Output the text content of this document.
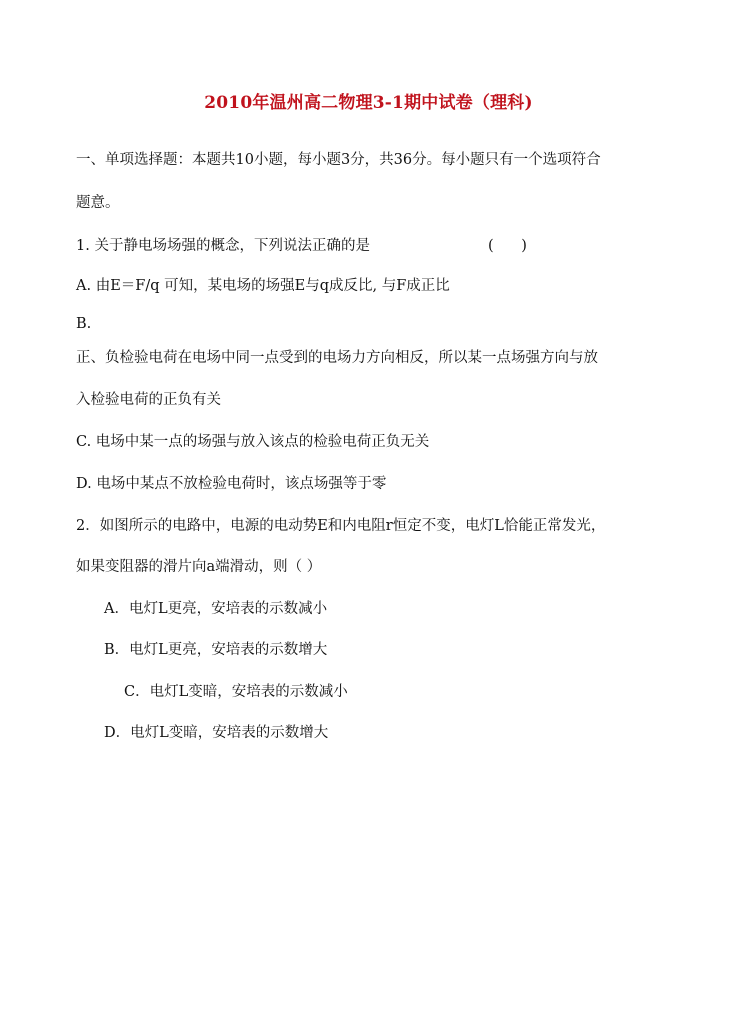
2010年温州高二物理3-1期中试卷（理科)
一、单项选择题：本题共10小题，每小题3分，共36分。每小题只有一个选项符合
题意。
1. 关于静电场场强的概念，下列说法正确的是	(      )
A. 由E＝F/q 可知，某电场的场强E与q成反比, 与F成正比
B.
正、负检验电荷在电场中同一点受到的电场力方向相反，所以某一点场强方向与放
入检验电荷的正负有关
C. 电场中某一点的场强与放入该点的检验电荷正负无关
D. 电场中某点不放检验电荷时，该点场强等于零
2．如图所示的电路中，电源的电动势E和内电阻r恒定不变，电灯L恰能正常发光，
如果变阻器的滑片向a端滑动，则（ ）
A．电灯L更亮，安培表的示数减小
B．电灯L更亮，安培表的示数增大
C．电灯L变暗，安培表的示数减小
D．电灯L变暗，安培表的示数增大
